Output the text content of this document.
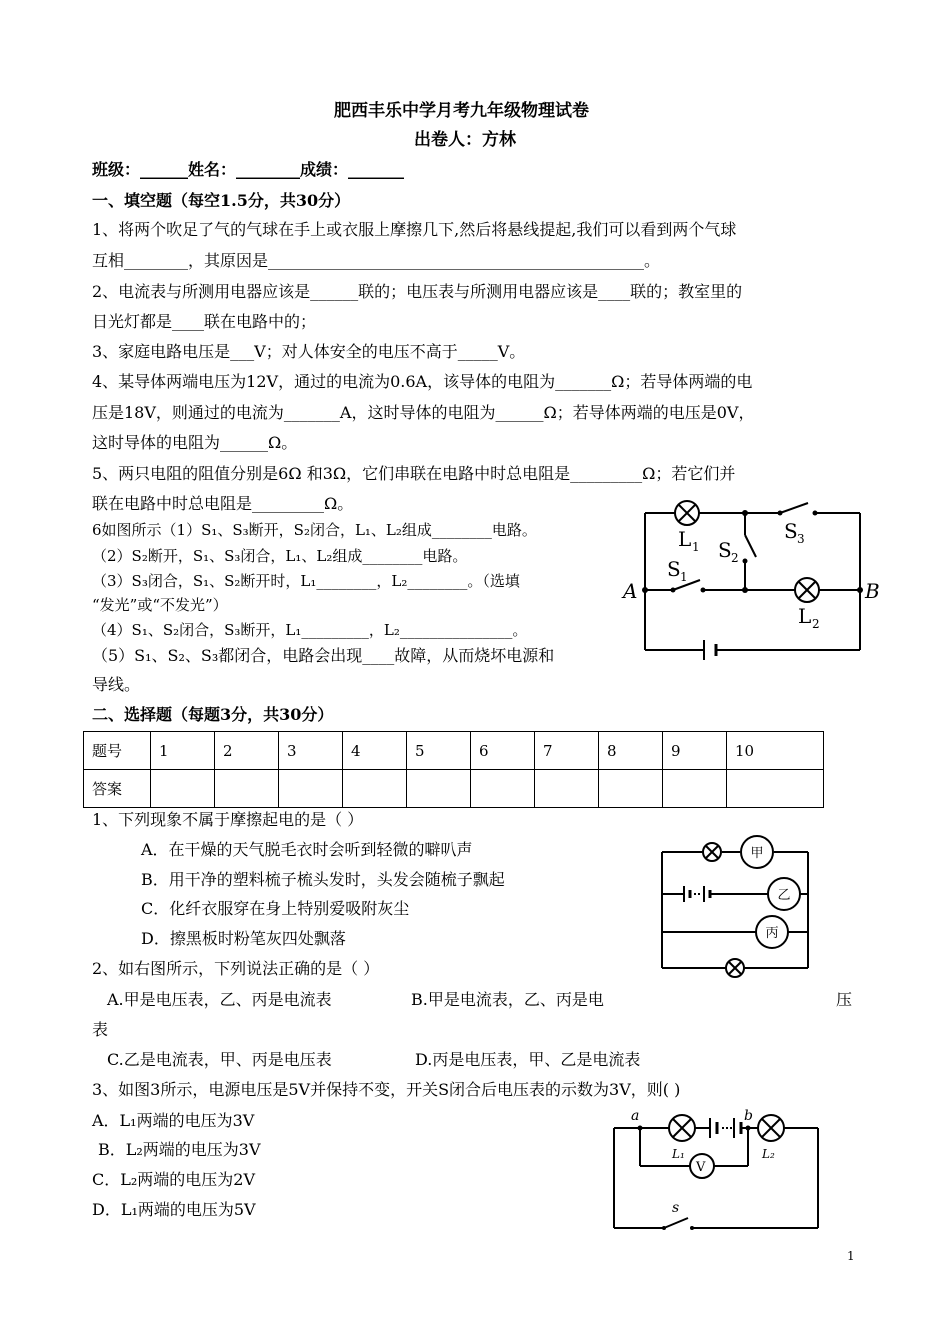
肥西丰乐中学月考九年级物理试卷
出卷人：方林
班级：______姓名：________成绩：_______
一、填空题（每空1.5分，共30分）
1、将两个吹足了气的气球在手上或衣服上摩擦几下,然后将悬线提起,我们可以看到两个气球
互相________，其原因是_______________________________________________。
2、电流表与所测用电器应该是______联的；电压表与所测用电器应该是____联的；教室里的
日光灯都是____联在电路中的；
3、家庭电路电压是___V；对人体安全的电压不高于_____V。
4、某导体两端电压为12V，通过的电流为0.6A，该导体的电阻为_______Ω；若导体两端的电
压是18V，则通过的电流为_______A，这时导体的电阻为______Ω；若导体两端的电压是0V，
这时导体的电阻为______Ω。
5、两只电阻的阻值分别是6Ω 和3Ω，它们串联在电路中时总电阻是_________Ω；若它们并
联在电路中时总电阻是_________Ω。
6如图所示（1）S₁、S₃断开，S₂闭合，L₁、L₂组成________电路。
（2）S₂断开，S₁、S₃闭合，L₁、L₂组成________电路。
（3）S₃闭合，S₁、S₂断开时，L₁________，L₂________。（选填
“发光”或“不发光”）
（4）S₁、S₂闭合，S₃断开，L₁_________，L₂_______________。
（5）S₁、S₂、S₃都闭合，电路会出现____故障，从而烧坏电源和
导线。
A	B
L 1
L 2
S 1
S 2
S 3
二、选择题（每题3分，共30分）
题号	1	2	3	4	5	6	7	8	9	10
答案										
1、下列现象不属于摩擦起电的是（ ）
A．在干燥的天气脱毛衣时会听到轻微的噼叭声
B．用干净的塑料梳子梳头发时，头发会随梳子飘起
C．化纤衣服穿在身上特别爱吸附灰尘
D．擦黑板时粉笔灰四处飘落
甲
乙
丙
2、如右图所示，下列说法正确的是（ ）
A.甲是电压表，乙、丙是电流表	B.甲是电流表，乙、丙是电	压
表
C.乙是电流表，甲、丙是电压表	D.丙是电压表，甲、乙是电流表
3、如图3所示，电源电压是5V并保持不变，开关S闭合后电压表的示数为3V，则( )
A．L₁两端的电压为3V
B．L₂两端的电压为3V
C．L₂两端的电压为2V
D．L₁两端的电压为5V
a	b
L₁	L₂
V
s
1
